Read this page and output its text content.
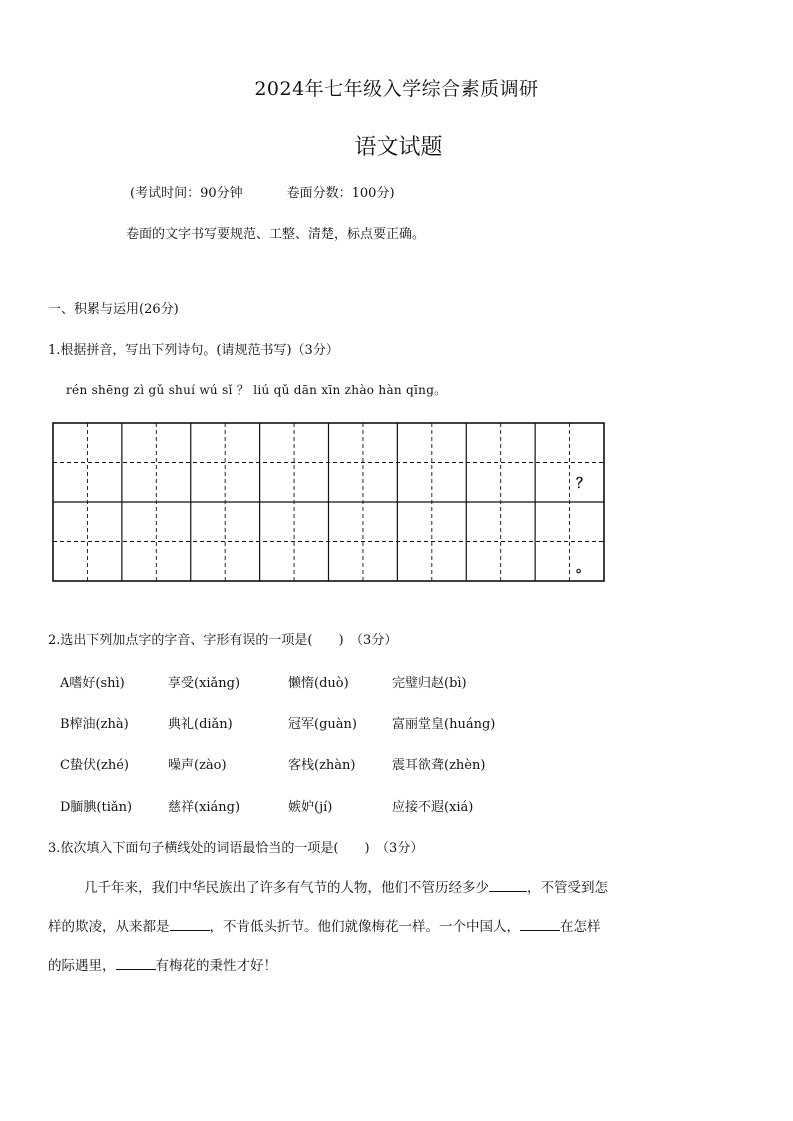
2024年七年级入学综合素质调研
语文试题
(考试时间：90分钟	卷面分数：100分)
卷面的文字书写要规范、工整、清楚，标点要正确。
一、积累与运用(26分)
1.根据拼音，写出下列诗句。(请规范书写)（3分）
rén shēng zì gǔ shuí wú sǐ ？ liú qǔ dān xīn zhào hàn qīng。
？
。
2.选出下列加点字的字音、字形有误的一项是(　　)　（3分）
A嗜好(shì)	享受(xiǎng)	懒惰(duò)	完璧归赵(bì)
B榨油(zhà)	典礼(diǎn)	冠军(guàn)	富丽堂皇(huáng)
C蛰伏(zhé)	噪声(zào)	客栈(zhàn)	震耳欲聋(zhèn)
D腼腆(tiǎn)	慈祥(xiáng)	嫉妒(jí)	应接不遐(xiá)
3.依次填入下面句子横线处的词语最恰当的一项是(　　)　（3分）
几千年来，我们中华民族出了许多有气节的人物，他们不管历经多少	，不管受到怎
样的欺凌，从来都是	，不肯低头折节。他们就像梅花一样。一个中国人，	在怎样
的际遇里，	有梅花的秉性才好！
